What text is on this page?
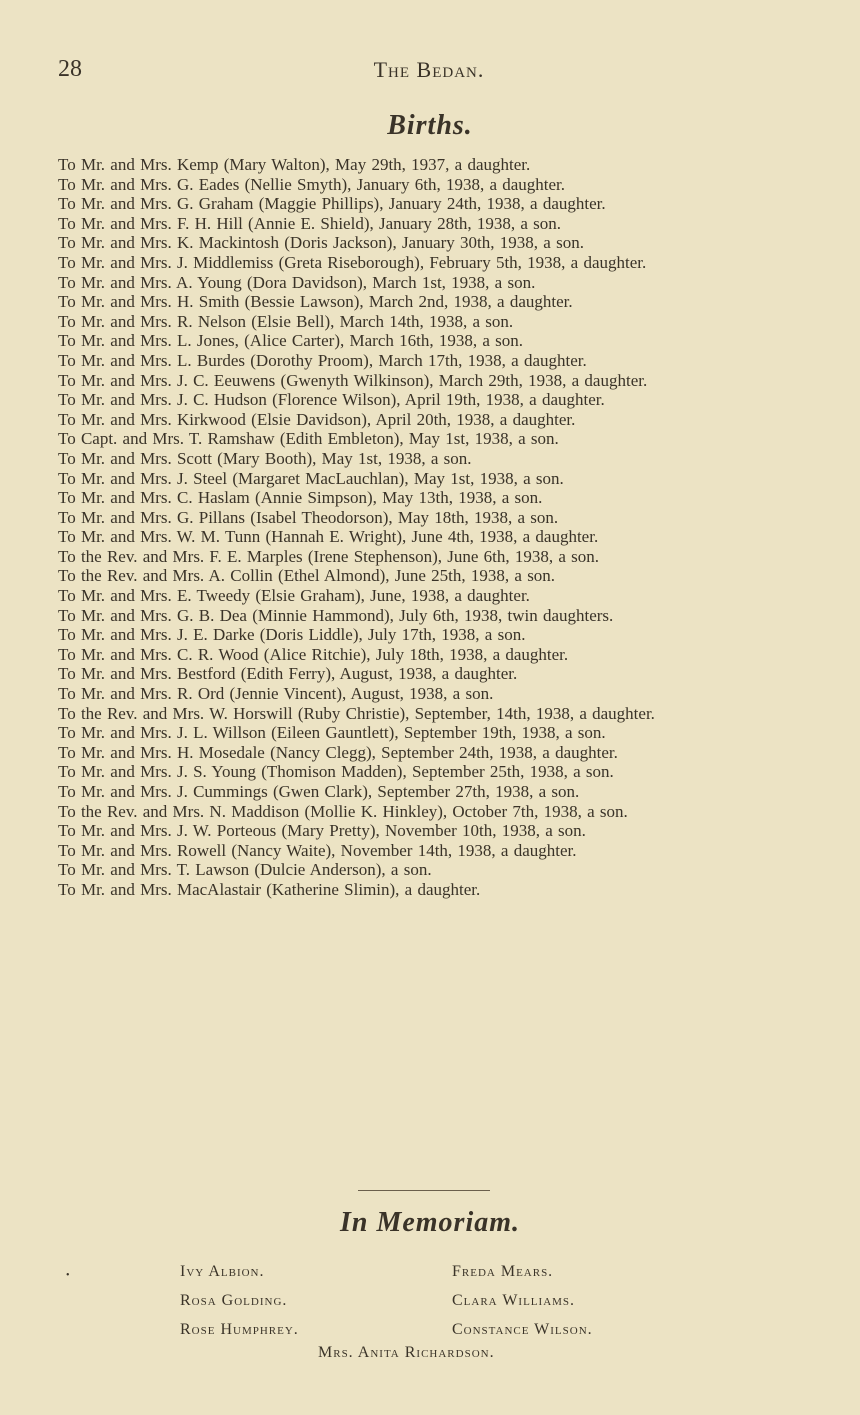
28	The Bedan.
Births.
To Mr. and Mrs. Kemp (Mary Walton), May 29th, 1937, a daughter.
To Mr. and Mrs. G. Eades (Nellie Smyth), January 6th, 1938, a daughter.
To Mr. and Mrs. G. Graham (Maggie Phillips), January 24th, 1938, a daughter.
To Mr. and Mrs. F. H. Hill (Annie E. Shield), January 28th, 1938, a son.
To Mr. and Mrs. K. Mackintosh (Doris Jackson), January 30th, 1938, a son.
To Mr. and Mrs. J. Middlemiss (Greta Riseborough), February 5th, 1938, a daughter.
To Mr. and Mrs. A. Young (Dora Davidson), March 1st, 1938, a son.
To Mr. and Mrs. H. Smith (Bessie Lawson), March 2nd, 1938, a daughter.
To Mr. and Mrs. R. Nelson (Elsie Bell), March 14th, 1938, a son.
To Mr. and Mrs. L. Jones, (Alice Carter), March 16th, 1938, a son.
To Mr. and Mrs. L. Burdes (Dorothy Proom), March 17th, 1938, a daughter.
To Mr. and Mrs. J. C. Eeuwens (Gwenyth Wilkinson), March 29th, 1938, a daughter.
To Mr. and Mrs. J. C. Hudson (Florence Wilson), April 19th, 1938, a daughter.
To Mr. and Mrs. Kirkwood (Elsie Davidson), April 20th, 1938, a daughter.
To Capt. and Mrs. T. Ramshaw (Edith Embleton), May 1st, 1938, a son.
To Mr. and Mrs. Scott (Mary Booth), May 1st, 1938, a son.
To Mr. and Mrs. J. Steel (Margaret MacLauchlan), May 1st, 1938, a son.
To Mr. and Mrs. C. Haslam (Annie Simpson), May 13th, 1938, a son.
To Mr. and Mrs. G. Pillans (Isabel Theodorson), May 18th, 1938, a son.
To Mr. and Mrs. W. M. Tunn (Hannah E. Wright), June 4th, 1938, a daughter.
To the Rev. and Mrs. F. E. Marples (Irene Stephenson), June 6th, 1938, a son.
To the Rev. and Mrs. A. Collin (Ethel Almond), June 25th, 1938, a son.
To Mr. and Mrs. E. Tweedy (Elsie Graham), June, 1938, a daughter.
To Mr. and Mrs. G. B. Dea (Minnie Hammond), July 6th, 1938, twin daughters.
To Mr. and Mrs. J. E. Darke (Doris Liddle), July 17th, 1938, a son.
To Mr. and Mrs. C. R. Wood (Alice Ritchie), July 18th, 1938, a daughter.
To Mr. and Mrs. Bestford (Edith Ferry), August, 1938, a daughter.
To Mr. and Mrs. R. Ord (Jennie Vincent), August, 1938, a son.
To the Rev. and Mrs. W. Horswill (Ruby Christie), September, 14th, 1938, a daughter.
To Mr. and Mrs. J. L. Willson (Eileen Gauntlett), September 19th, 1938, a son.
To Mr. and Mrs. H. Mosedale (Nancy Clegg), September 24th, 1938, a daughter.
To Mr. and Mrs. J. S. Young (Thomison Madden), September 25th, 1938, a son.
To Mr. and Mrs. J. Cummings (Gwen Clark), September 27th, 1938, a son.
To the Rev. and Mrs. N. Maddison (Mollie K. Hinkley), October 7th, 1938, a son.
To Mr. and Mrs. J. W. Porteous (Mary Pretty), November 10th, 1938, a son.
To Mr. and Mrs. Rowell (Nancy Waite), November 14th, 1938, a daughter.
To Mr. and Mrs. T. Lawson (Dulcie Anderson), a son.
To Mr. and Mrs. MacAlastair (Katherine Slimin), a daughter.
In Memoriam.
•	Ivy Albion.
Rosa Golding.
Rose Humphrey.
Freda Mears.
Clara Williams.
Constance Wilson.
Mrs. Anita Richardson.
